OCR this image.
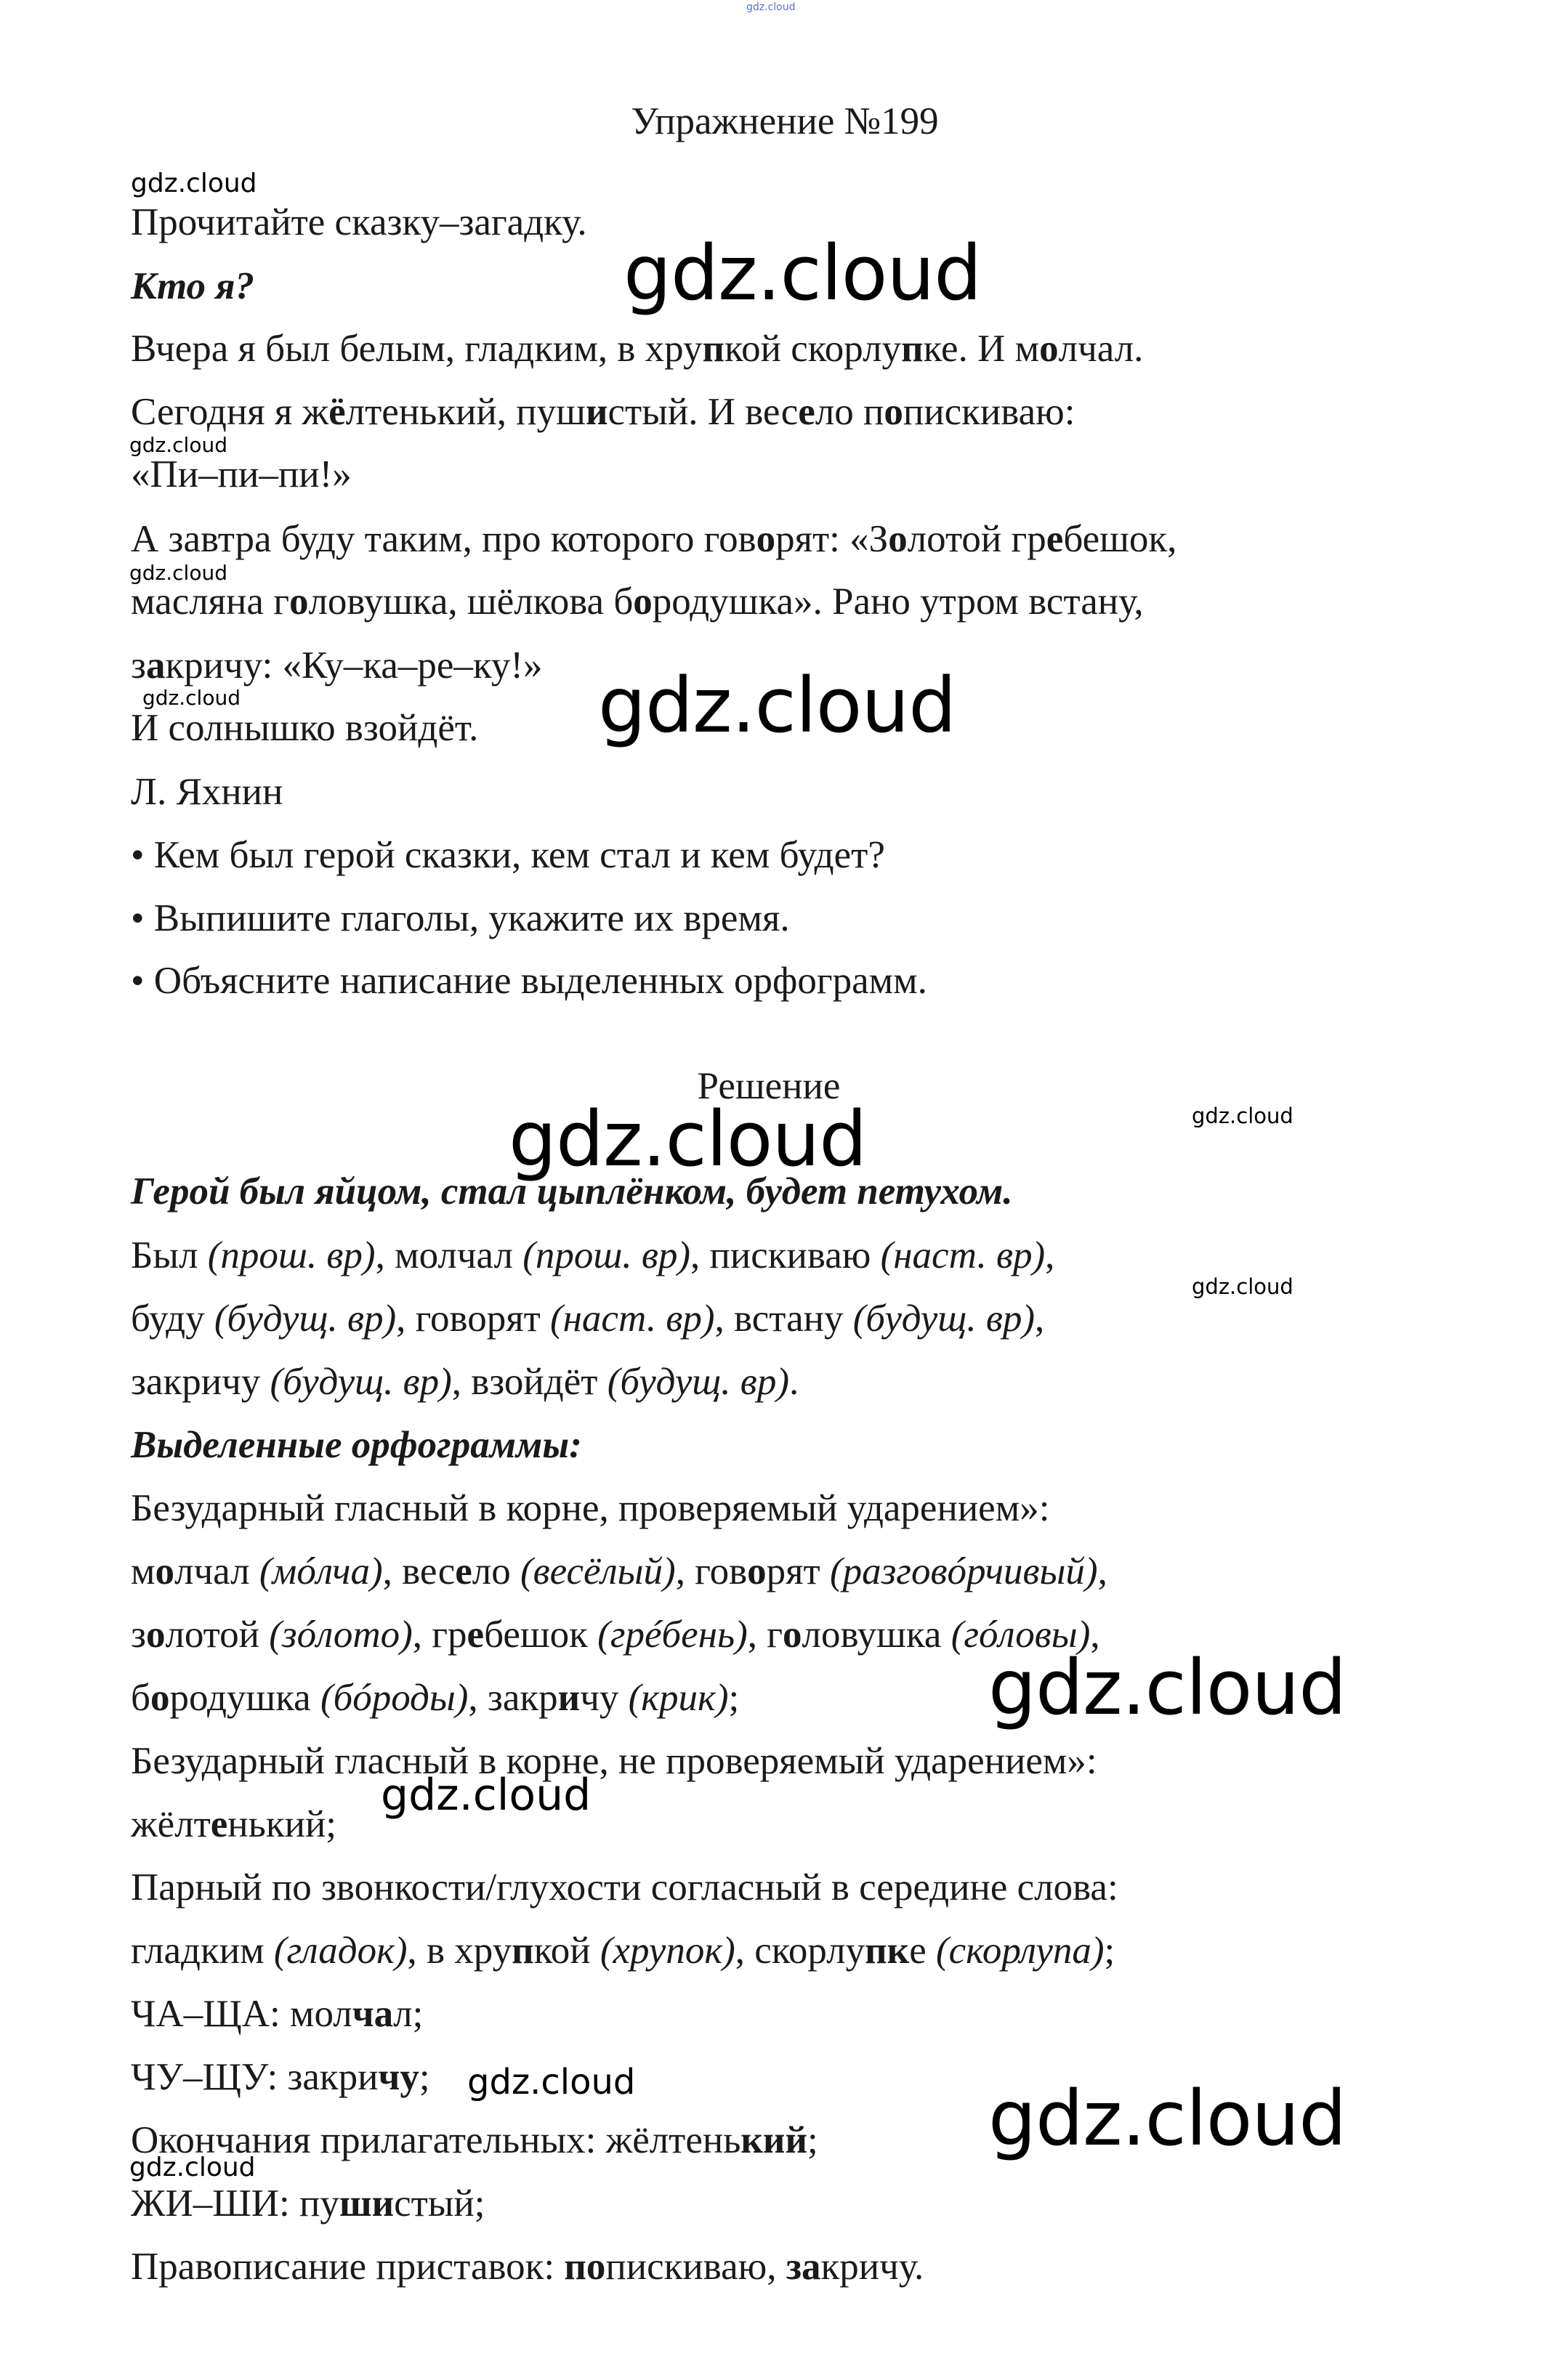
gdz.cloud
Упражнение №199
Прочитайте сказку–загадку.
Кто я?
Вчера я был белым, гладким, в хрупкой скорлупке. И молчал.
Сегодня я жёлтенький, пушистый. И весело попискиваю:
«Пи–пи–пи!»
А завтра буду таким, про которого говорят: «Золотой гребешок,
масляна головушка, шёлкова бородушка». Рано утром встану,
закричу: «Ку–ка–ре–ку!»
И солнышко взойдёт.
Л. Яхнин
• Кем был герой сказки, кем стал и кем будет?
• Выпишите глаголы, укажите их время.
• Объясните написание выделенных орфограмм.
Решение
Герой был яйцом, стал цыплёнком, будет петухом.
Был (прош. вр), молчал (прош. вр), пискиваю (наст. вр),
буду (будущ. вр), говорят (наст. вр), встану (будущ. вр),
закричу (будущ. вр), взойдёт (будущ. вр).
Выделенные орфограммы:
Безударный гласный в корне, проверяемый ударением»:
молчал (мóлча), весело (весёлый), говорят (разговóрчивый),
золотой (зóлото), гребешок (грéбень), головушка (гóловы),
бородушка (бóроды), закричу (крик);
Безударный гласный в корне, не проверяемый ударением»:
жёлтенький;
Парный по звонкости/глухости согласный в середине слова:
гладким (гладок), в хрупкой (хрупок), скорлупке (скорлупа);
ЧА–ЩА: молчал;
ЧУ–ЩУ: закричу;
Окончания прилагательных: жёлтенький;
ЖИ–ШИ: пушистый;
Правописание приставок: попискиваю, закричу.
gdz.cloud
gdz.cloud
gdz.cloud
gdz.cloud
gdz.cloud
gdz.cloud
gdz.cloud	gdz.cloud
gdz.cloud
gdz.cloud
gdz.cloud
gdz.cloud	gdz.cloud
gdz.cloud
